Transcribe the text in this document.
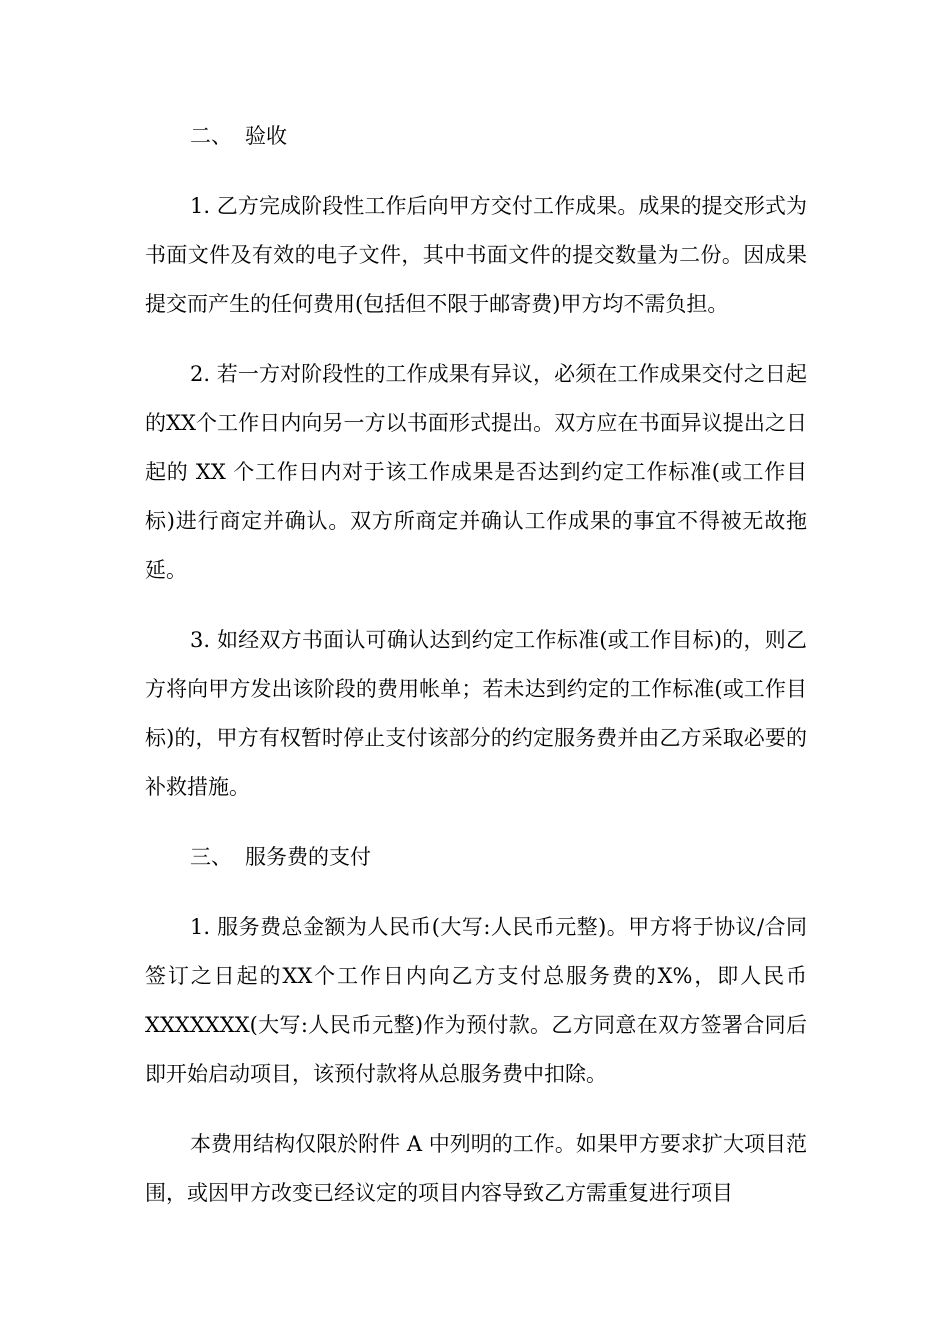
二、 验收

1. 乙方完成阶段性工作后向甲方交付工作成果。成果的提交形式为书面文件及有效的电子文件，其中书面文件的提交数量为二份。因成果提交而产生的任何费用(包括但不限于邮寄费)甲方均不需负担。

2. 若一方对阶段性的工作成果有异议，必须在工作成果交付之日起的XX个工作日内向另一方以书面形式提出。双方应在书面异议提出之日起的 XX 个工作日内对于该工作成果是否达到约定工作标准(或工作目标)进行商定并确认。双方所商定并确认工作成果的事宜不得被无故拖延。

3. 如经双方书面认可确认达到约定工作标准(或工作目标)的，则乙方将向甲方发出该阶段的费用帐单；若未达到约定的工作标准(或工作目标)的，甲方有权暂时停止支付该部分的约定服务费并由乙方采取必要的补救措施。

三、 服务费的支付

1. 服务费总金额为人民币(大写:人民币元整)。甲方将于协议/合同签订之日起的XX个工作日内向乙方支付总服务费的X%，即人民币 XXXXXXX(大写:人民币元整)作为预付款。乙方同意在双方签署合同后即开始启动项目，该预付款将从总服务费中扣除。

本费用结构仅限於附件 A 中列明的工作。如果甲方要求扩大项目范围，或因甲方改变已经议定的项目内容导致乙方需重复进行项目
